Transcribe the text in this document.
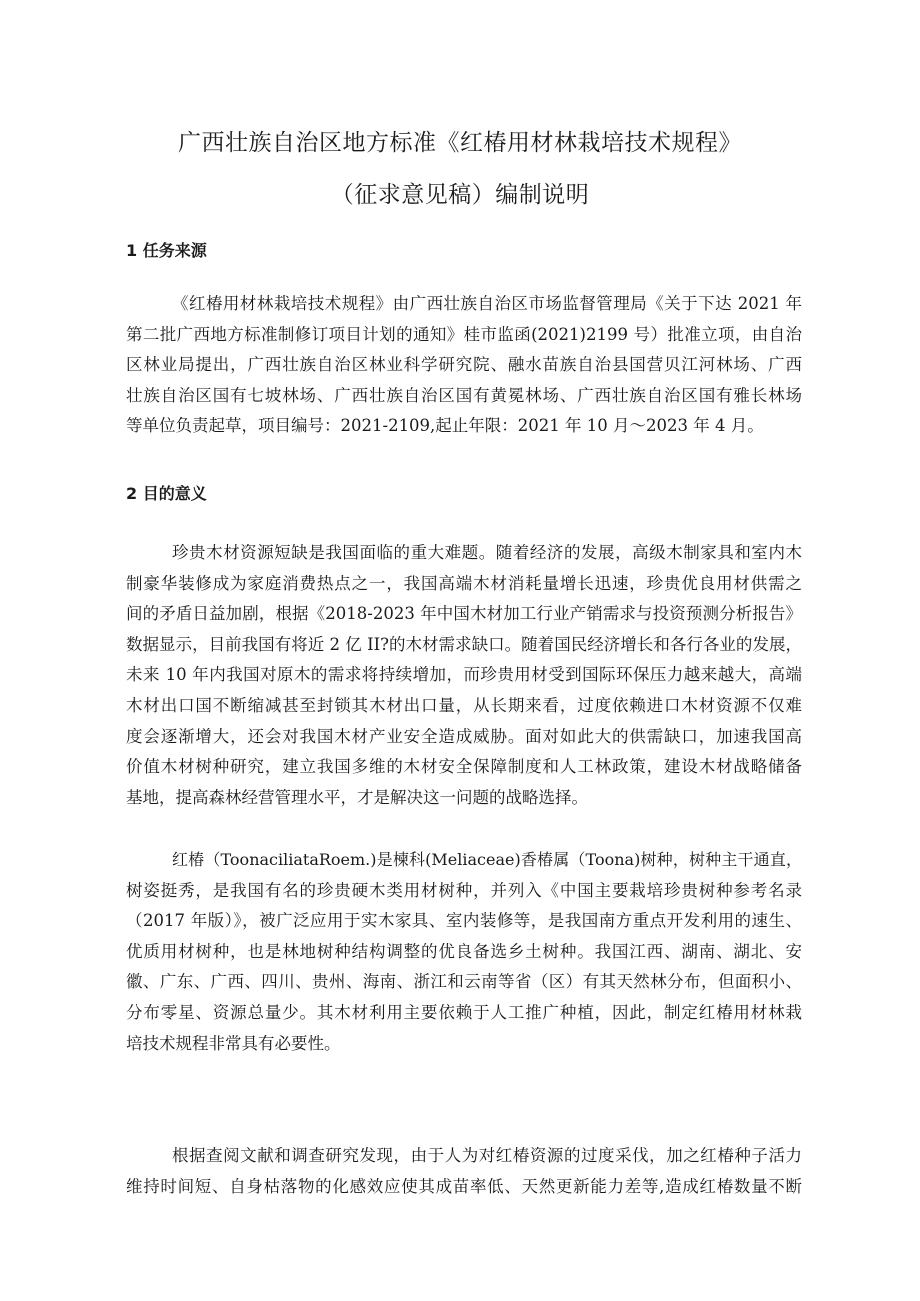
广西壮族自治区地方标准《红椿用材林栽培技术规程》
（征求意见稿）编制说明
1 任务来源

《红椿用材林栽培技术规程》由广西壮族自治区市场监督管理局《关于下达 2021 年
第二批广西地方标准制修订项目计划的通知》桂市监函(2021)2199 号）批准立项，由自治
区林业局提出，广西壮族自治区林业科学研究院、融水苗族自治县国营贝江河林场、广西
壮族自治区国有七坡林场、广西壮族自治区国有黄冕林场、广西壮族自治区国有雅长林场
等单位负责起草，项目编号：2021-2109,起止年限：2021 年 10 月～2023 年 4 月。

2 目的意义

珍贵木材资源短缺是我国面临的重大难题。随着经济的发展，高级木制家具和室内木
制豪华装修成为家庭消费热点之一，我国高端木材消耗量增长迅速，珍贵优良用材供需之
间的矛盾日益加剧，根据《2018-2023 年中国木材加工行业产销需求与投资预测分析报告》
数据显示，目前我国有将近 2 亿 II?的木材需求缺口。随着国民经济增长和各行各业的发展，
未来 10 年内我国对原木的需求将持续增加，而珍贵用材受到国际环保压力越来越大，高端
木材出口国不断缩减甚至封锁其木材出口量，从长期来看，过度依赖进口木材资源不仅难
度会逐渐增大，还会对我国木材产业安全造成威胁。面对如此大的供需缺口，加速我国高
价值木材树种研究，建立我国多维的木材安全保障制度和人工林政策，建设木材战略储备
基地，提高森林经营管理水平，才是解决这一问题的战略选择。

红椿（ToonaciliataRoem.)是楝科(Meliaceae)香椿属（Toona)树种，树种主干通直，
树姿挺秀，是我国有名的珍贵硬木类用材树种，并列入《中国主要栽培珍贵树种参考名录
（2017 年版）》，被广泛应用于实木家具、室内装修等，是我国南方重点开发利用的速生、
优质用材树种，也是林地树种结构调整的优良备选乡土树种。我国江西、湖南、湖北、安
徽、广东、广西、四川、贵州、海南、浙江和云南等省（区）有其天然林分布，但面积小、
分布零星、资源总量少。其木材利用主要依赖于人工推广种植，因此，制定红椿用材林栽
培技术规程非常具有必要性。

根据查阅文献和调查研究发现，由于人为对红椿资源的过度采伐，加之红椿种子活力
维持时间短、自身枯落物的化感效应使其成苗率低、天然更新能力差等,造成红椿数量不断
